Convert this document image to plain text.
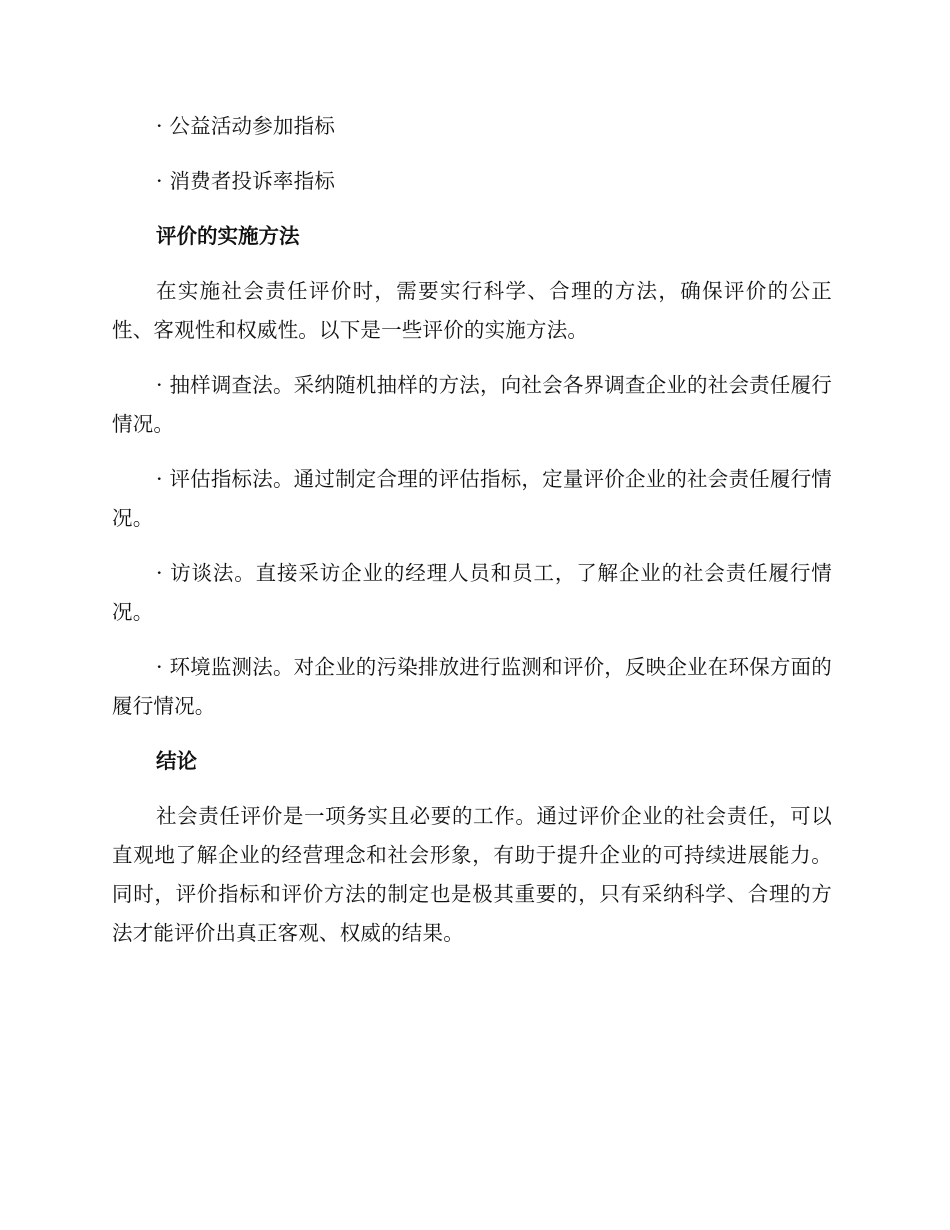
· 公益活动参加指标

· 消费者投诉率指标

评价的实施方法

在实施社会责任评价时，需要实行科学、合理的方法，确保评价的公正性、客观性和权威性。以下是一些评价的实施方法。

· 抽样调查法。采纳随机抽样的方法，向社会各界调查企业的社会责任履行情况。

· 评估指标法。通过制定合理的评估指标，定量评价企业的社会责任履行情况。

· 访谈法。直接采访企业的经理人员和员工，了解企业的社会责任履行情况。

· 环境监测法。对企业的污染排放进行监测和评价，反映企业在环保方面的履行情况。

结论

社会责任评价是一项务实且必要的工作。通过评价企业的社会责任，可以直观地了解企业的经营理念和社会形象，有助于提升企业的可持续进展能力。同时，评价指标和评价方法的制定也是极其重要的，只有采纳科学、合理的方法才能评价出真正客观、权威的结果。
